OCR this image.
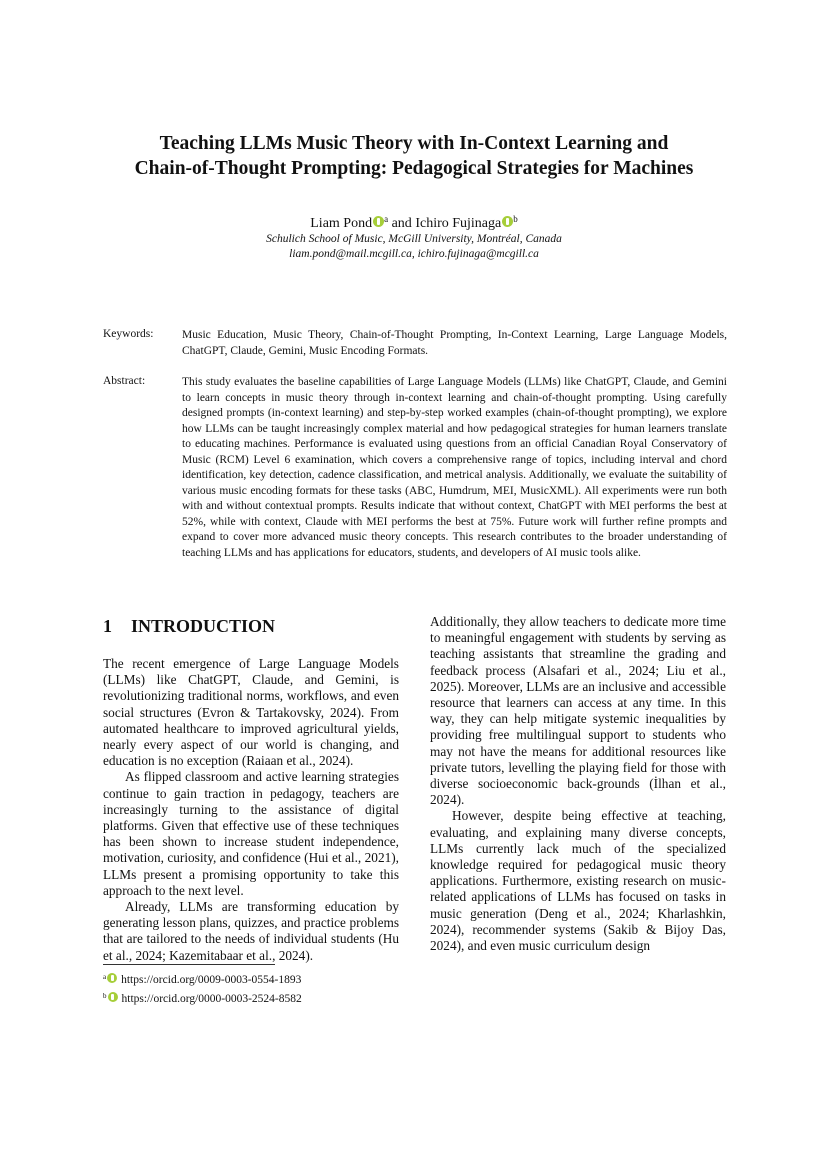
Teaching LLMs Music Theory with In-Context Learning and
Chain-of-Thought Prompting: Pedagogical Strategies for Machines
Liam Pond $^a$ and Ichiro Fujinaga $^b$
Schulich School of Music, McGill University, Montréal, Canada
liam.pond@mail.mcgill.ca, ichiro.fujinaga@mcgill.ca
Keywords: Music Education, Music Theory, Chain-of-Thought Prompting, In-Context Learning, Large Language Models, ChatGPT, Claude, Gemini, Music Encoding Formats.
Abstract:	This study evaluates the baseline capabilities of Large Language Models (LLMs) like ChatGPT, Claude, and Gemini to learn concepts in music theory through in-context learning and chain-of-thought prompting. Using carefully designed prompts (in-context learning) and step-by-step worked examples (chain-of-thought prompting), we explore how LLMs can be taught increasingly complex material and how pedagogical strategies for human learners translate to educating machines. Performance is evaluated using questions from an official Canadian Royal Conservatory of Music (RCM) Level 6 examination, which covers a comprehensive range of topics, including interval and chord identification, key detection, cadence classification, and metrical analysis. Additionally, we evaluate the suitability of various music encoding formats for these tasks (ABC, Humdrum, MEI, MusicXML). All experiments were run both with and without contextual prompts. Results indicate that without context, ChatGPT with MEI performs the best at 52%, while with context, Claude with MEI performs the best at 75%. Future work will further refine prompts and expand to cover more advanced music theory concepts. This research contributes to the broader understanding of teaching LLMs and has applications for educators, students, and developers of AI music tools alike.
1 INTRODUCTION

The recent emergence of Large Language Models (LLMs) like ChatGPT, Claude, and Gemini, is revolutionizing traditional norms, workflows, and even social structures (Evron & Tartakovsky, 2024). From automated healthcare to improved agricultural yields, nearly every aspect of our world is changing, and education is no exception (Raiaan et al., 2024).

As flipped classroom and active learning strategies continue to gain traction in pedagogy, teachers are increasingly turning to the assistance of digital platforms. Given that effective use of these techniques has been shown to increase student independence, motivation, curiosity, and confidence (Hui et al., 2021), LLMs present a promising opportunity to take this approach to the next level.

Already, LLMs are transforming education by generating lesson plans, quizzes, and practice problems that are tailored to the needs of individual students (Hu et al., 2024; Kazemitabaar et al., 2024).

Additionally, they allow teachers to dedicate more time to meaningful engagement with students by serving as teaching assistants that streamline the grading and feedback process (Alsafari et al., 2024; Liu et al., 2025). Moreover, LLMs are an inclusive and accessible resource that learners can access at any time. In this way, they can help mitigate systemic inequalities by providing free multilingual support to students who may not have the means for additional resources like private tutors, levelling the playing field for those with diverse socioeconomic back-grounds (İlhan et al., 2024).

However, despite being effective at teaching, evaluating, and explaining many diverse concepts, LLMs currently lack much of the specialized knowledge required for pedagogical music theory applications. Furthermore, existing research on music-related applications of LLMs has focused on tasks in music generation (Deng et al., 2024; Kharlashkin, 2024), recommender systems (Sakib & Bijoy Das, 2024), and even music curriculum design

$^a$ https://orcid.org/0009-0003-0554-1893
$^b$ https://orcid.org/0000-0003-2524-8582
